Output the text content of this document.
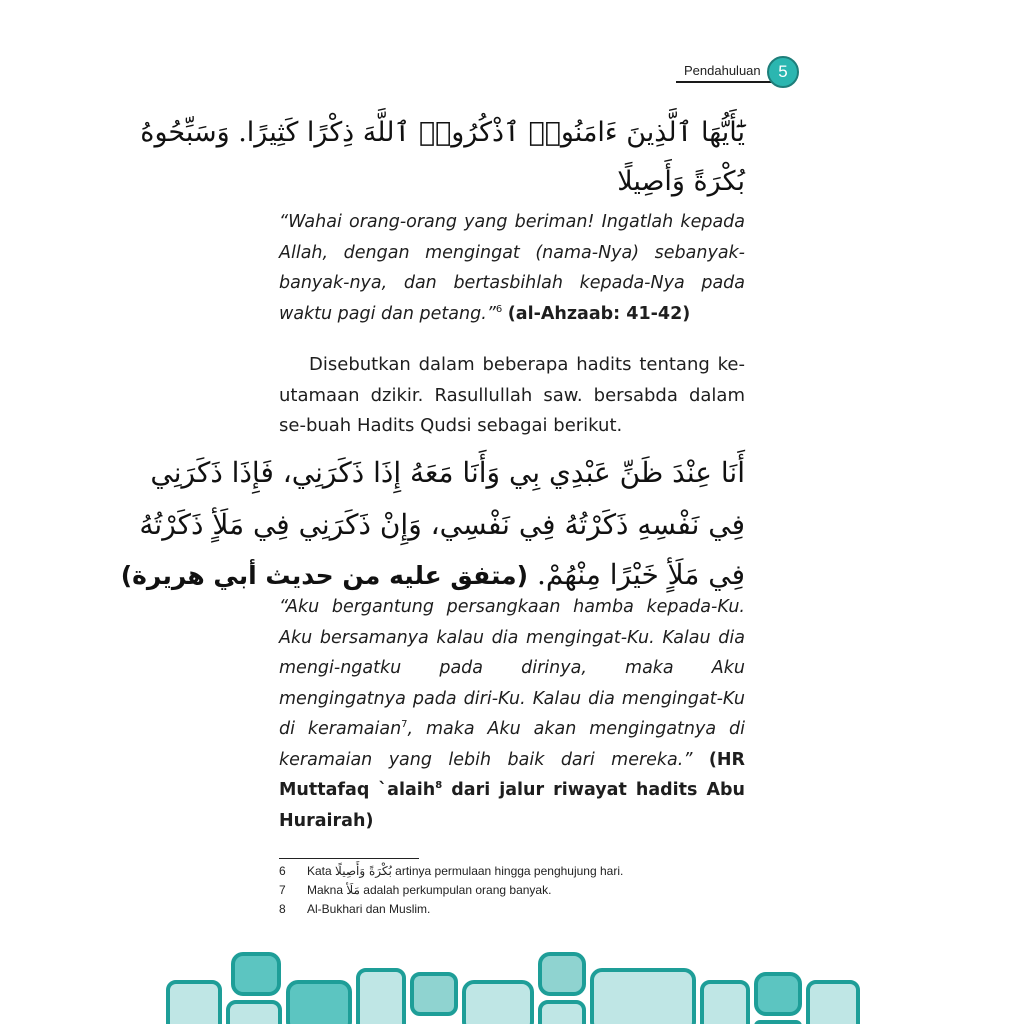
Pendahuluan	5
يَٰٓأَيُّهَا ٱلَّذِينَ ءَامَنُوا۟ ٱذْكُرُوا۟ ٱللَّهَ ذِكْرًا كَثِيرًا. وَسَبِّحُوهُ
بُكْرَةً وَأَصِيلًا

“Wahai orang-orang yang beriman! Ingatlah kepada Allah, dengan mengingat (nama-Nya) sebanyak-banyak-nya, dan bertasbihlah kepada-Nya pada waktu pagi dan petang.”$^6$ (al-Ahzaab: 41-42)

Disebutkan dalam beberapa hadits tentang ke-utamaan dzikir. Rasullullah saw. bersabda dalam se-buah Hadits Qudsi sebagai berikut.

أَنَا عِنْدَ ظَنِّ عَبْدِي بِي وَأَنَا مَعَهُ إِذَا ذَكَرَنِي، فَإِذَا ذَكَرَنِي
فِي نَفْسِهِ ذَكَرْتُهُ فِي نَفْسِي، وَإِنْ ذَكَرَنِي فِي مَلَأٍ ذَكَرْتُهُ
فِي مَلَأٍ خَيْرًا مِنْهُمْ. (متفق عليه من حديث أبي هريرة)

“Aku bergantung persangkaan hamba kepada-Ku. Aku bersamanya kalau dia mengingat-Ku. Kalau dia mengi-ngatku pada dirinya, maka Aku mengingatnya pada diri-Ku. Kalau dia mengingat-Ku di keramaian$^7$, maka Aku akan mengingatnya di keramaian yang lebih baik dari mereka.” (HR Muttafaq `alaih$^8$ dari jalur riwayat hadits Abu Hurairah)

6 Kata بُكْرَةً وَأَصِيلًا artinya permulaan hingga penghujung hari.
7 Makna مَلَأ adalah perkumpulan orang banyak.
8 Al-Bukhari dan Muslim.
